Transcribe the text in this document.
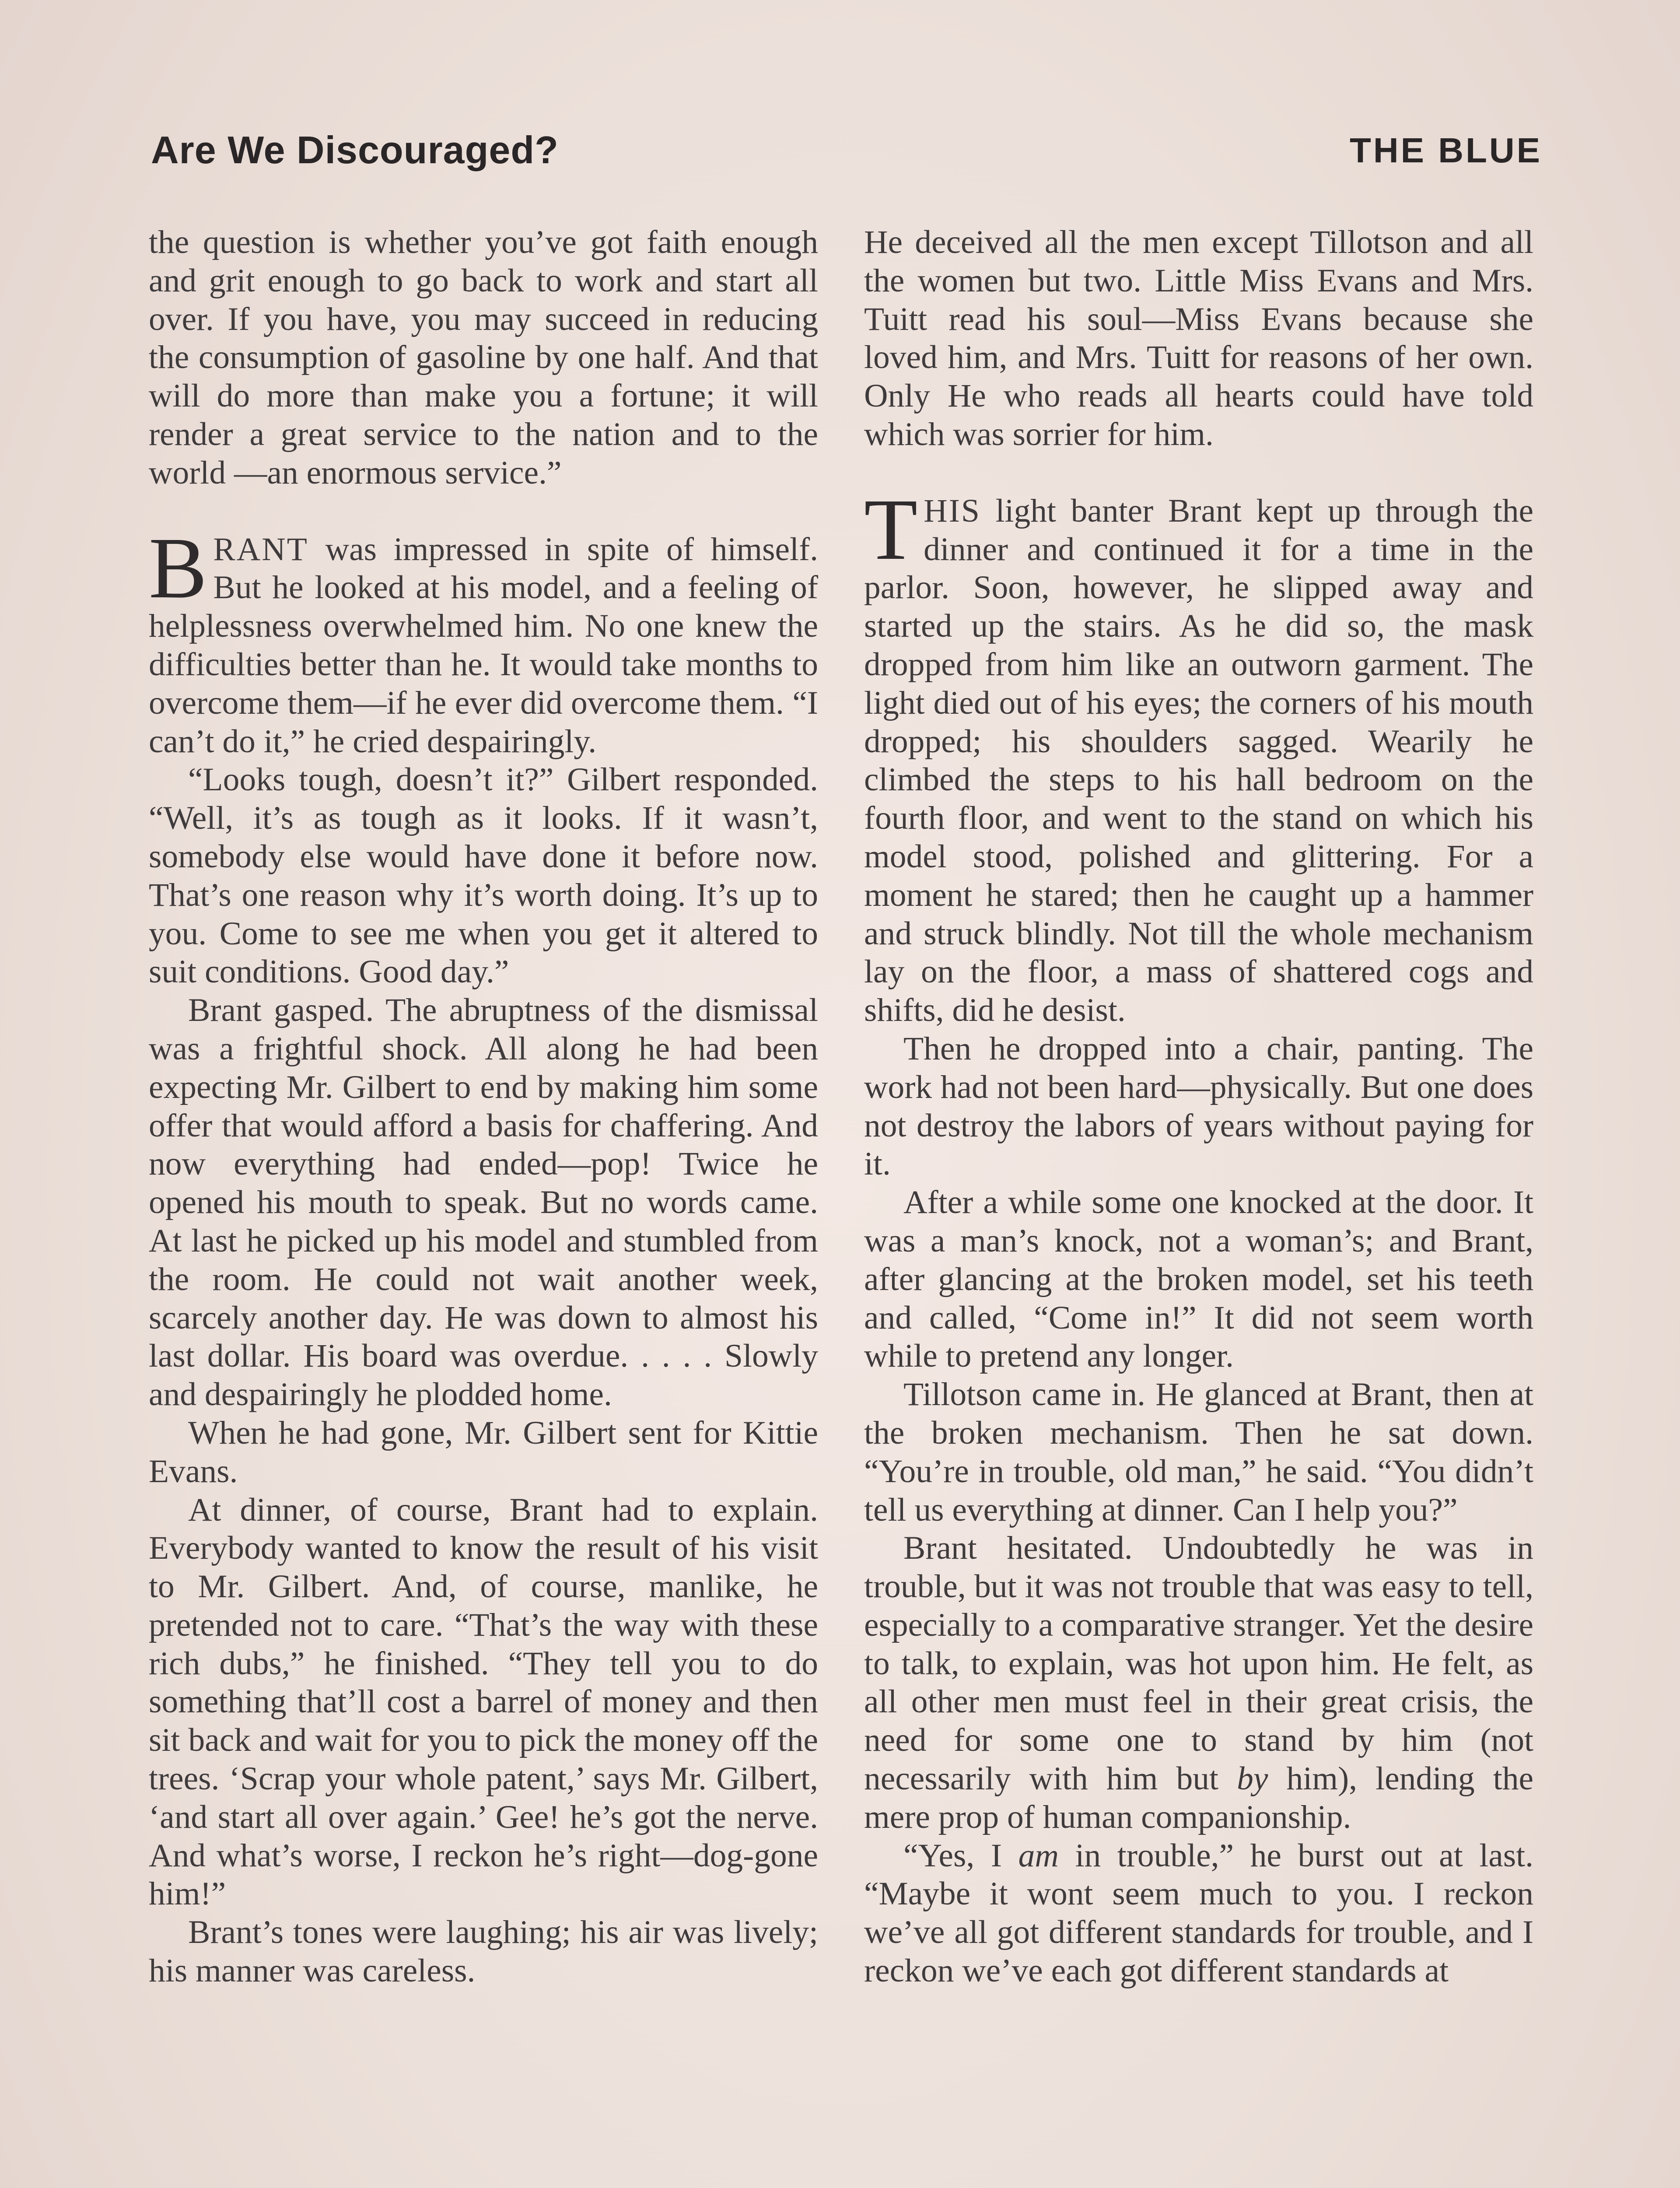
Are We Discouraged?	THE BLUE

the question is whether you’ve got faith enough and grit enough to go back to work and start all over. If you have, you may succeed in reducing the consumption of gasoline by one half. And that will do more than make you a fortune; it will render a great service to the nation and to the world —an enormous service.”

BRANT was impressed in spite of himself. But he looked at his model, and a feeling of helplessness overwhelmed him. No one knew the difficulties better than he. It would take months to overcome them—if he ever did overcome them. “I can’t do it,” he cried despairingly.

“Looks tough, doesn’t it?” Gilbert responded. “Well, it’s as tough as it looks. If it wasn’t, somebody else would have done it before now. That’s one reason why it’s worth doing. It’s up to you. Come to see me when you get it altered to suit conditions. Good day.”

Brant gasped. The abruptness of the dismissal was a frightful shock. All along he had been expecting Mr. Gilbert to end by making him some offer that would afford a basis for chaffering. And now everything had ended—pop! Twice he opened his mouth to speak. But no words came. At last he picked up his model and stumbled from the room. He could not wait another week, scarcely another day. He was down to almost his last dollar. His board was overdue. . . . . Slowly and despairingly he plodded home.

When he had gone, Mr. Gilbert sent for Kittie Evans.

At dinner, of course, Brant had to explain. Everybody wanted to know the result of his visit to Mr. Gilbert. And, of course, manlike, he pretended not to care. “That’s the way with these rich dubs,” he finished. “They tell you to do something that’ll cost a barrel of money and then sit back and wait for you to pick the money off the trees. ‘Scrap your whole patent,’ says Mr. Gilbert, ‘and start all over again.’ Gee! he’s got the nerve. And what’s worse, I reckon he’s right—dog-gone him!”

Brant’s tones were laughing; his air was lively; his manner was careless.

He deceived all the men except Tillotson and all the women but two. Little Miss Evans and Mrs. Tuitt read his soul—Miss Evans because she loved him, and Mrs. Tuitt for reasons of her own. Only He who reads all hearts could have told which was sorrier for him.

THIS light banter Brant kept up through the dinner and continued it for a time in the parlor. Soon, however, he slipped away and started up the stairs. As he did so, the mask dropped from him like an outworn garment. The light died out of his eyes; the corners of his mouth dropped; his shoulders sagged. Wearily he climbed the steps to his hall bedroom on the fourth floor, and went to the stand on which his model stood, polished and glittering. For a moment he stared; then he caught up a hammer and struck blindly. Not till the whole mechanism lay on the floor, a mass of shattered cogs and shifts, did he desist.

Then he dropped into a chair, panting. The work had not been hard—physically. But one does not destroy the labors of years without paying for it.

After a while some one knocked at the door. It was a man’s knock, not a woman’s; and Brant, after glancing at the broken model, set his teeth and called, “Come in!” It did not seem worth while to pretend any longer.

Tillotson came in. He glanced at Brant, then at the broken mechanism. Then he sat down. “You’re in trouble, old man,” he said. “You didn’t tell us everything at dinner. Can I help you?”

Brant hesitated. Undoubtedly he was in trouble, but it was not trouble that was easy to tell, especially to a comparative stranger. Yet the desire to talk, to explain, was hot upon him. He felt, as all other men must feel in their great crisis, the need for some one to stand by him (not necessarily with him but by him), lending the mere prop of human companionship.

“Yes, I am in trouble,” he burst out at last. “Maybe it wont seem much to you. I reckon we’ve all got different standards for trouble, and I reckon we’ve each got different standards at
